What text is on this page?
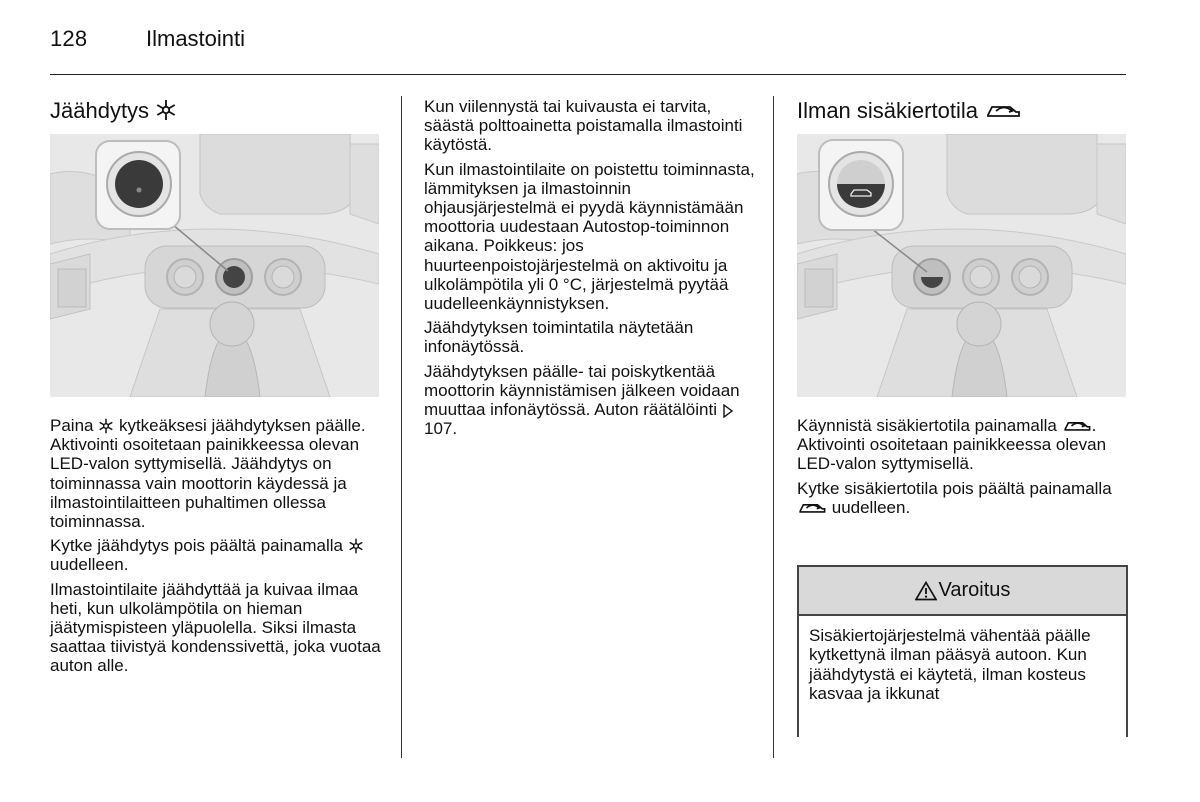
128	Ilmastointi
Jäähdytys

Paina kytkeäksesi jäähdytyksen päälle. Aktivointi osoitetaan painikkeessa olevan LED-valon syttymisellä. Jäähdytys on toiminnassa vain moottorin käydessä ja ilmastointilaitteen puhaltimen ollessa toiminnassa.

Kytke jäähdytys pois päältä painamalla  uudelleen.

Ilmastointilaite jäähdyttää ja kuivaa ilmaa heti, kun ulkolämpötila on hieman jäätymispisteen yläpuolella. Siksi ilmasta saattaa tiivistyä kondenssivettä, joka vuotaa auton alle.

Kun viilennystä tai kuivausta ei tarvita, säästä polttoainetta poistamalla ilmastointi käytöstä.

Kun ilmastointilaite on poistettu toiminnasta, lämmityksen ja ilmastoinnin ohjausjärjestelmä ei pyydä käynnistämään moottoria uudestaan Autostop-toiminnon aikana. Poikkeus: jos huurteenpoistojärjestelmä on aktivoitu ja ulkolämpötila yli 0 °C, järjestelmä pyytää uudelleenkäynnistyksen.

Jäähdytyksen toimintatila näytetään infonäytössä.

Jäähdytyksen päälle- tai poiskytkentää moottorin käynnistämisen jälkeen voidaan muuttaa infonäytössä. Auton räätälöinti  107.

Ilman sisäkiertotila

Käynnistä sisäkiertotila painamalla . Aktivointi osoitetaan painikkeessa olevan LED-valon syttymisellä.

Kytke sisäkiertotila pois päältä painamalla  uudelleen.

Varoitus
Sisäkiertojärjestelmä vähentää päälle kytkettynä ilman pääsyä autoon. Kun jäähdytystä ei käytetä, ilman kosteus kasvaa ja ikkunat
